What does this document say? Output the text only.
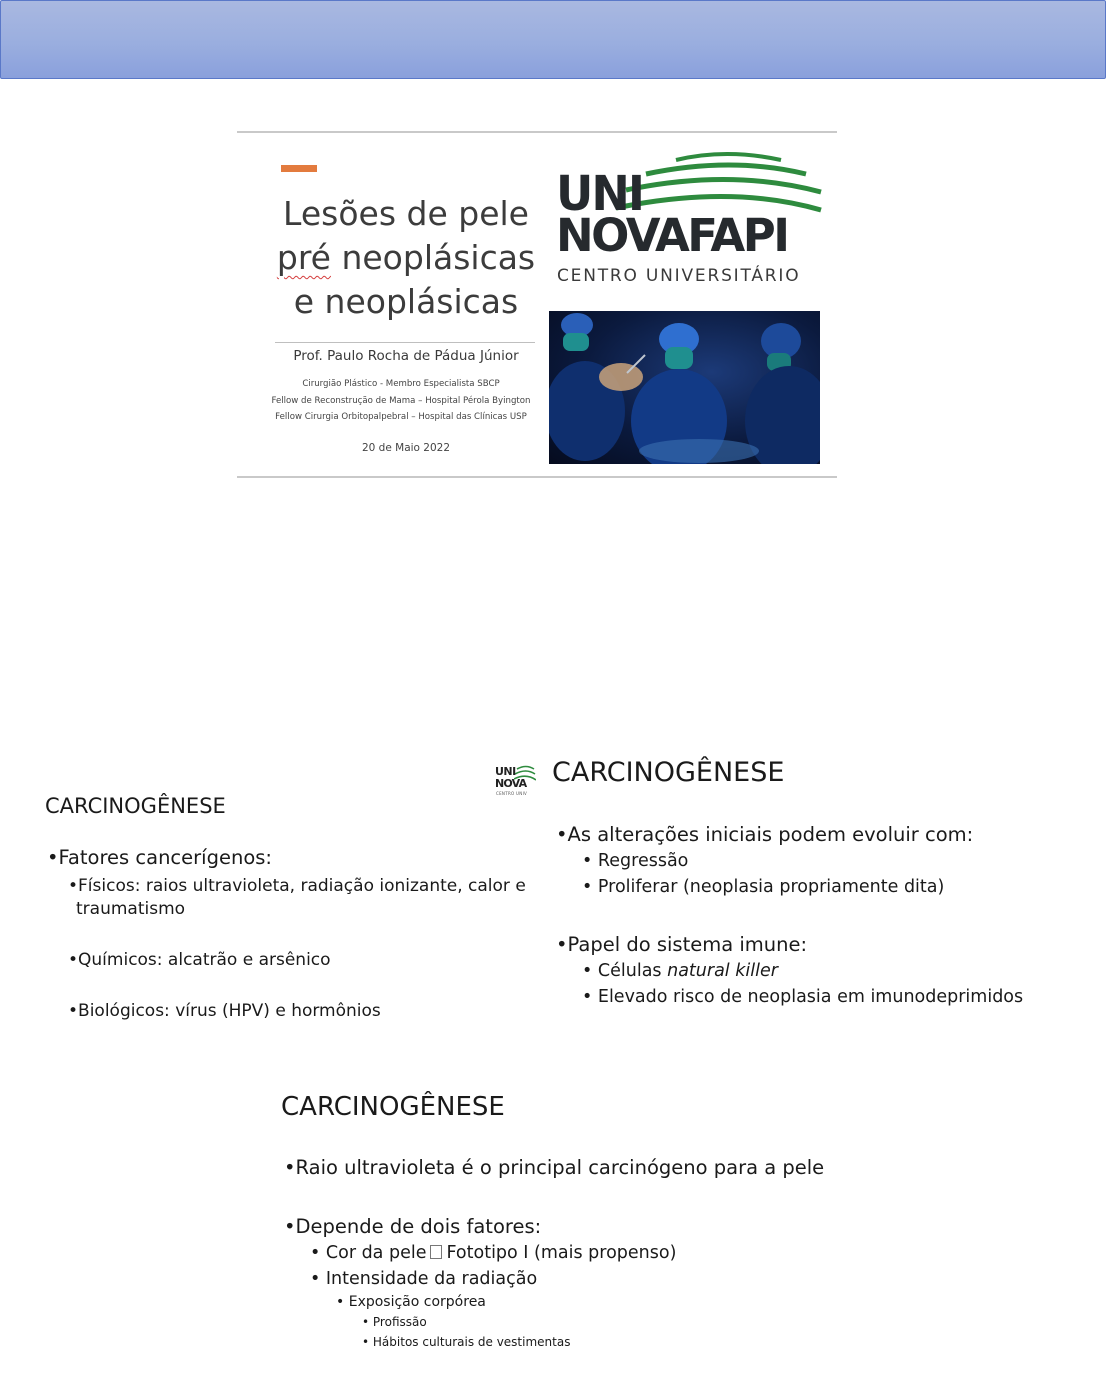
Lesões de pele
pré neoplásicas
e neoplásicas
Prof. Paulo Rocha de Pádua Júnior
Cirurgião Plástico - Membro Especialista SBCP
Fellow de Reconstrução de Mama – Hospital Pérola Byington
Fellow Cirurgia Orbitopalpebral – Hospital das Clínicas USP
20 de Maio 2022
UNI
NOVAFAPI
CENTRO UNIVERSITÁRIO
CARCINOGÊNESE
•Fatores cancerígenos:
•Físicos: raios ultravioleta, radiação ionizante, calor e traumatismo
•Químicos: alcatrão e arsênico
•Biológicos: vírus (HPV) e hormônios
UNI
NOVA
CENTRO UNIV
CARCINOGÊNESE
• As alterações iniciais podem evoluir com:
• Regressão
• Proliferar (neoplasia propriamente dita)
• Papel do sistema imune:
• Células natural killer
• Elevado risco de neoplasia em imunodeprimidos
CARCINOGÊNESE
• Raio ultravioleta é o principal carcinógeno para a pele
• Depende de dois fatores:
• Cor da pele Fototipo I (mais propenso)
• Intensidade da radiação
• Exposição corpórea
• Profissão
• Hábitos culturais de vestimentas
